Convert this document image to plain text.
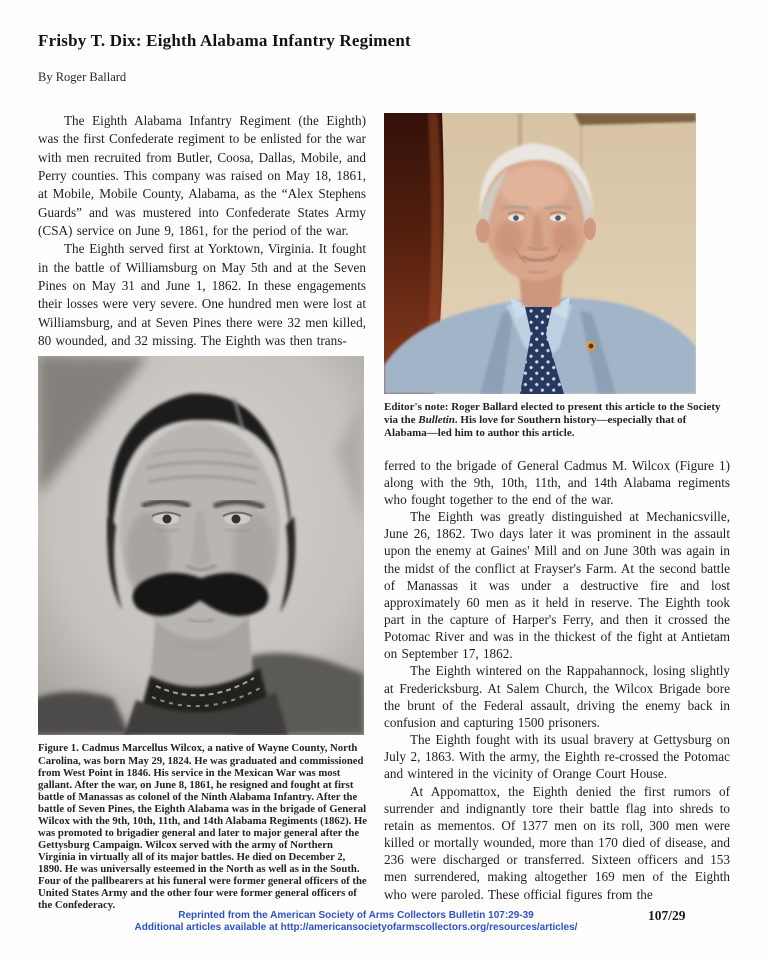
Frisby T. Dix: Eighth Alabama Infantry Regiment
By Roger Ballard

The Eighth Alabama Infantry Regiment (the Eighth) was the first Confederate regiment to be enlisted for the war with men recruited from Butler, Coosa, Dallas, Mobile, and Perry counties. This company was raised on May 18, 1861, at Mobile, Mobile County, Alabama, as the “Alex Stephens Guards” and was mustered into Confederate States Army (CSA) service on June 9, 1861, for the period of the war.

The Eighth served first at Yorktown, Virginia. It fought in the battle of Williamsburg on May 5th and at the Seven Pines on May 31 and June 1, 1862. In these engagements their losses were very severe. One hundred men were lost at Williamsburg, and at Seven Pines there were 32 men killed, 80 wounded, and 32 missing. The Eighth was then trans-

Figure 1. Cadmus Marcellus Wilcox, a native of Wayne County, North Carolina, was born May 29, 1824. He was graduated and commissioned from West Point in 1846. His service in the Mexican War was most gallant. After the war, on June 8, 1861, he resigned and fought at first battle of Manassas as colonel of the Ninth Alabama Infantry. After the battle of Seven Pines, the Eighth Alabama was in the brigade of General Wilcox with the 9th, 10th, 11th, and 14th Alabama Regiments (1862). He was promoted to brigadier general and later to major general after the Gettysburg Campaign. Wilcox served with the army of Northern Virginia in virtually all of its major battles. He died on December 2, 1890. He was universally esteemed in the North as well as in the South. Four of the pallbearers at his funeral were former general officers of the United States Army and the other four were former general officers of the Confederacy.
Editor's note: Roger Ballard elected to present this article to the Society via the Bulletin. His love for Southern history—especially that of Alabama—led him to author this article.

ferred to the brigade of General Cadmus M. Wilcox (Figure 1) along with the 9th, 10th, 11th, and 14th Alabama regiments who fought together to the end of the war.

The Eighth was greatly distinguished at Mechanicsville, June 26, 1862. Two days later it was prominent in the assault upon the enemy at Gaines' Mill and on June 30th was again in the midst of the conflict at Frayser's Farm. At the second battle of Manassas it was under a destructive fire and lost approximately 60 men as it held in reserve. The Eighth took part in the capture of Harper's Ferry, and then it crossed the Potomac River and was in the thickest of the fight at Antietam on September 17, 1862.

The Eighth wintered on the Rappahannock, losing slightly at Fredericksburg. At Salem Church, the Wilcox Brigade bore the brunt of the Federal assault, driving the enemy back in confusion and capturing 1500 prisoners.

The Eighth fought with its usual bravery at Gettysburg on July 2, 1863. With the army, the Eighth re-crossed the Potomac and wintered in the vicinity of Orange Court House.

At Appomattox, the Eighth denied the first rumors of surrender and indignantly tore their battle flag into shreds to retain as mementos. Of 1377 men on its roll, 300 men were killed or mortally wounded, more than 170 died of disease, and 236 were discharged or transferred. Sixteen officers and 153 men surrendered, making altogether 169 men of the Eighth who were paroled. These official figures from the

Reprinted from the American Society of Arms Collectors Bulletin 107:29-39
Additional articles available at http://americansocietyofarmscollectors.org/resources/articles/
107/29
